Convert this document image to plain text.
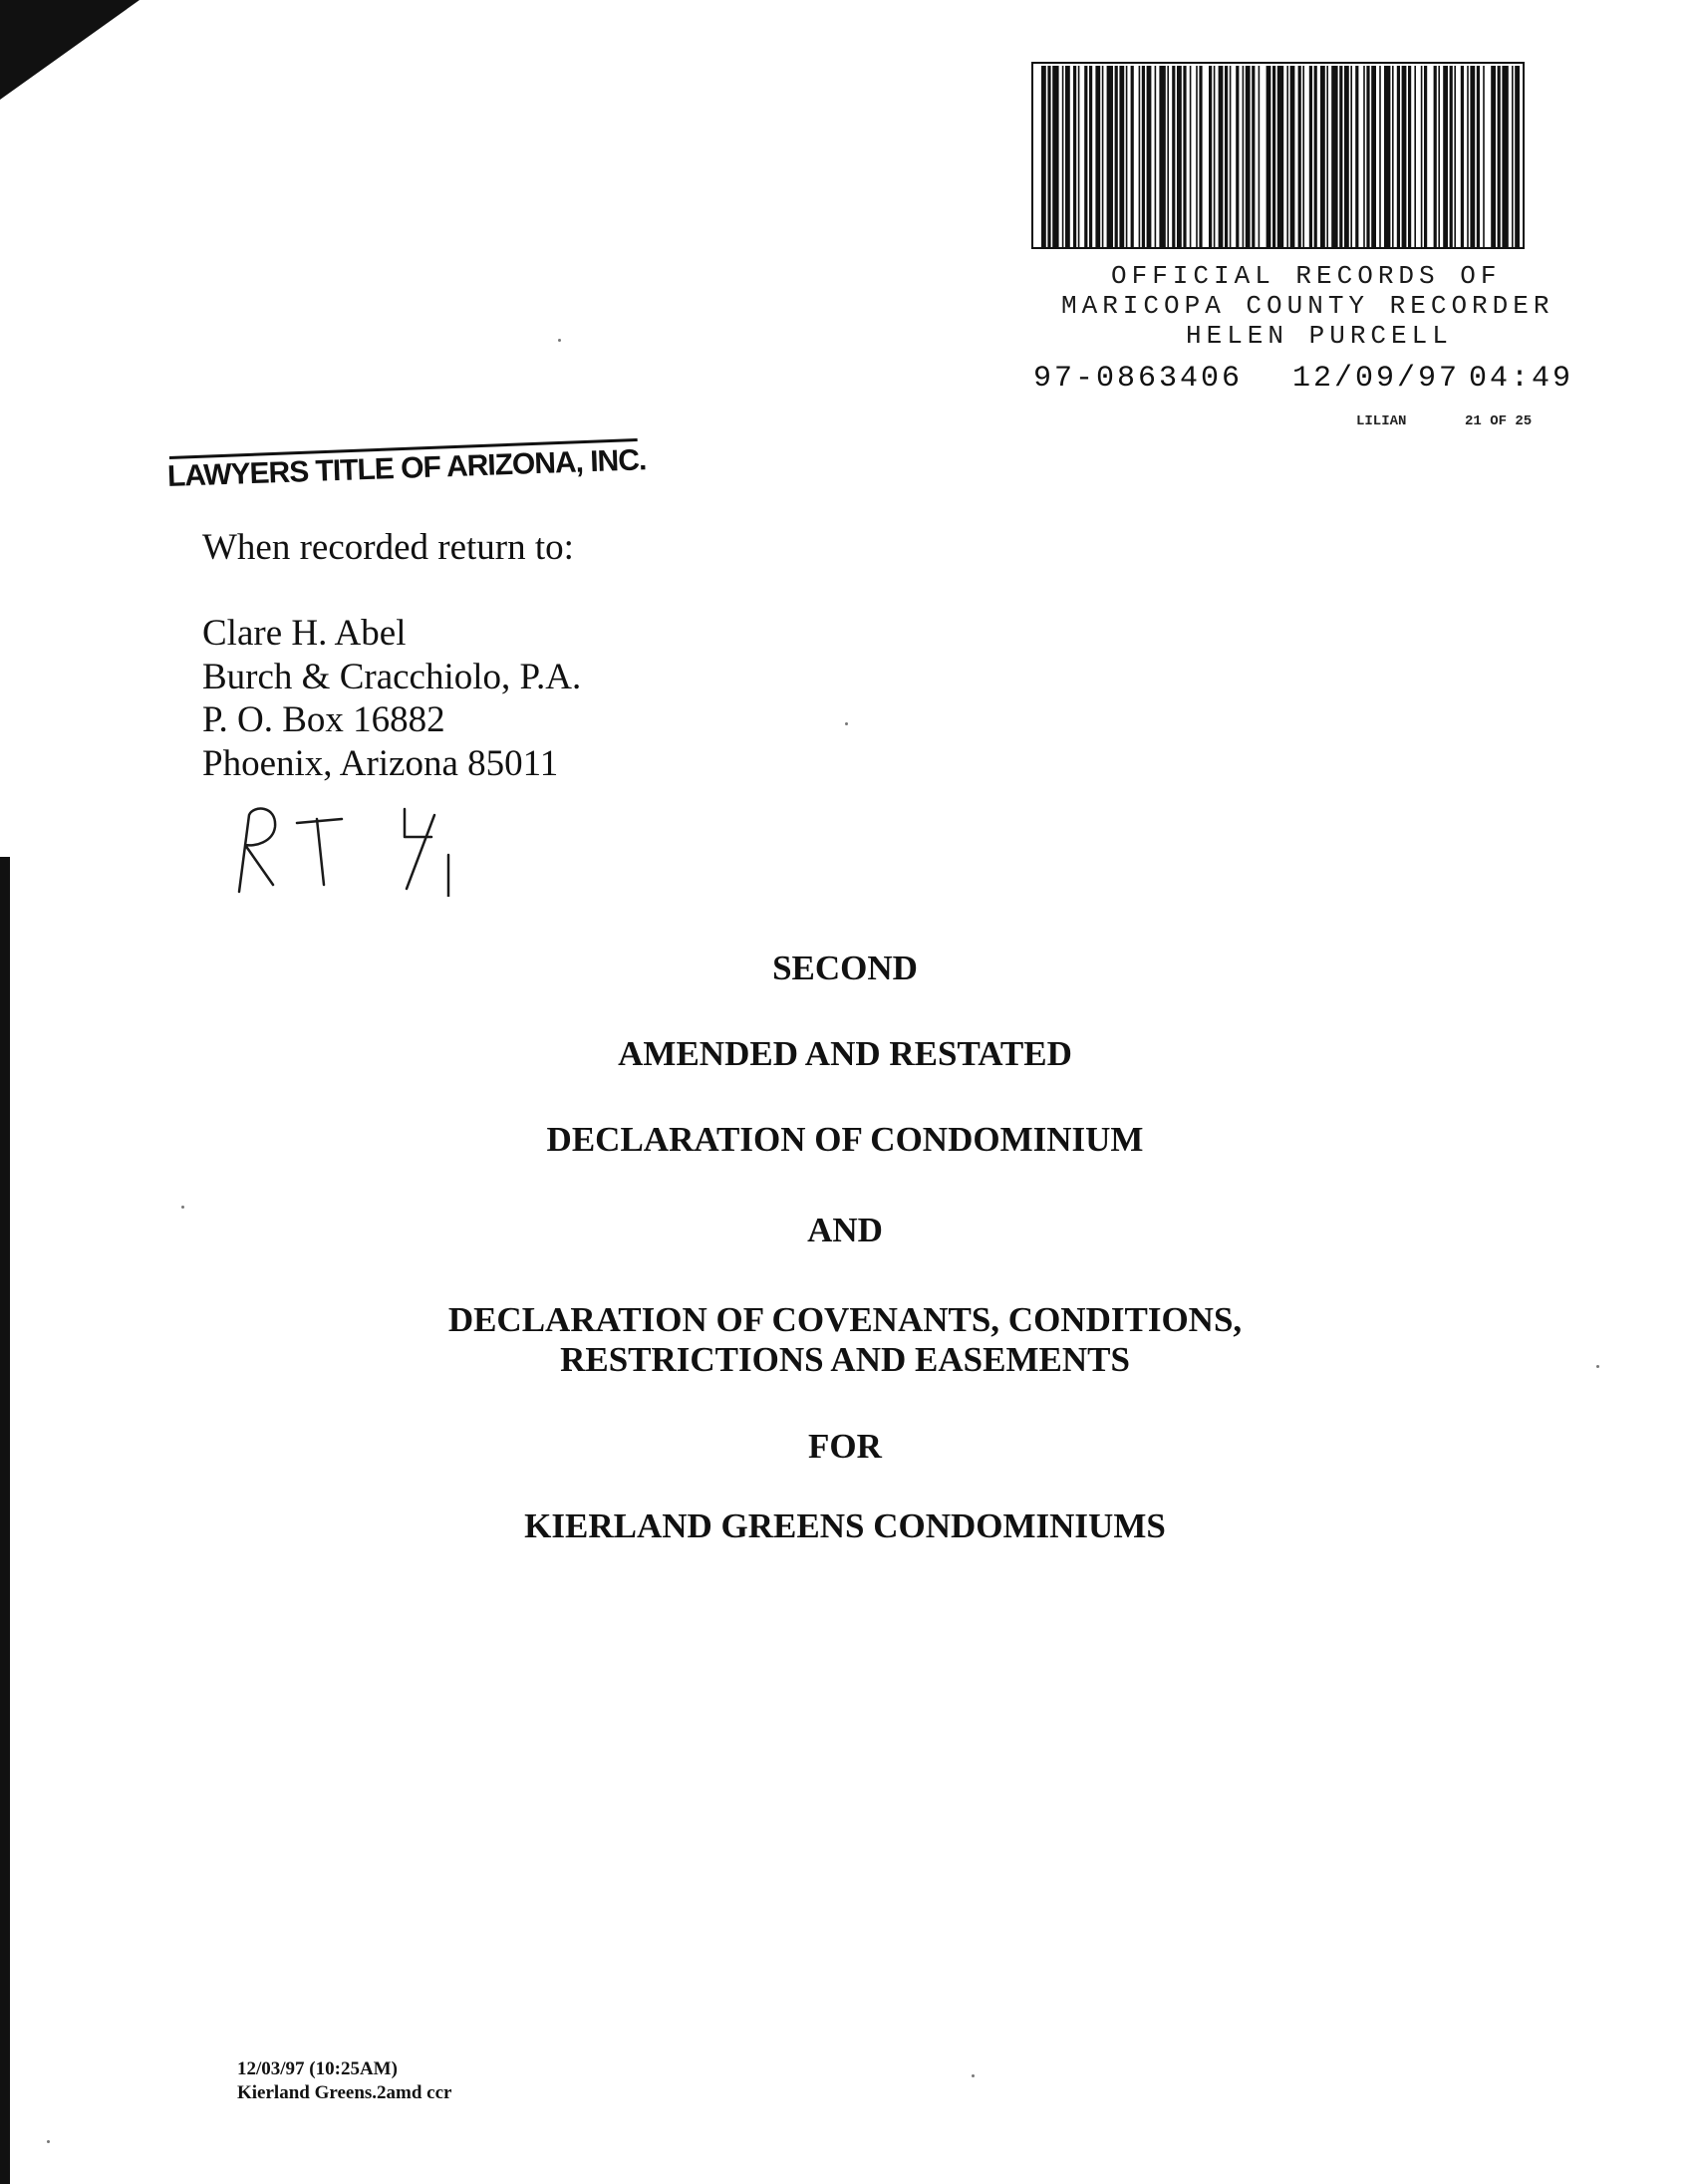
OFFICIAL RECORDS OF
MARICOPA COUNTY RECORDER
HELEN PURCELL
97-0863406 12/09/97 04:49
LILIAN	21 OF 25
LAWYERS TITLE OF ARIZONA, INC.
When recorded return to:
Clare H. Abel
Burch & Cracchiolo, P.A.
P. O. Box 16882
Phoenix, Arizona 85011
SECOND
AMENDED AND RESTATED
DECLARATION OF CONDOMINIUM
AND
DECLARATION OF COVENANTS, CONDITIONS,
RESTRICTIONS AND EASEMENTS
FOR
KIERLAND GREENS CONDOMINIUMS
12/03/97 (10:25AM)
Kierland Greens.2amd ccr
